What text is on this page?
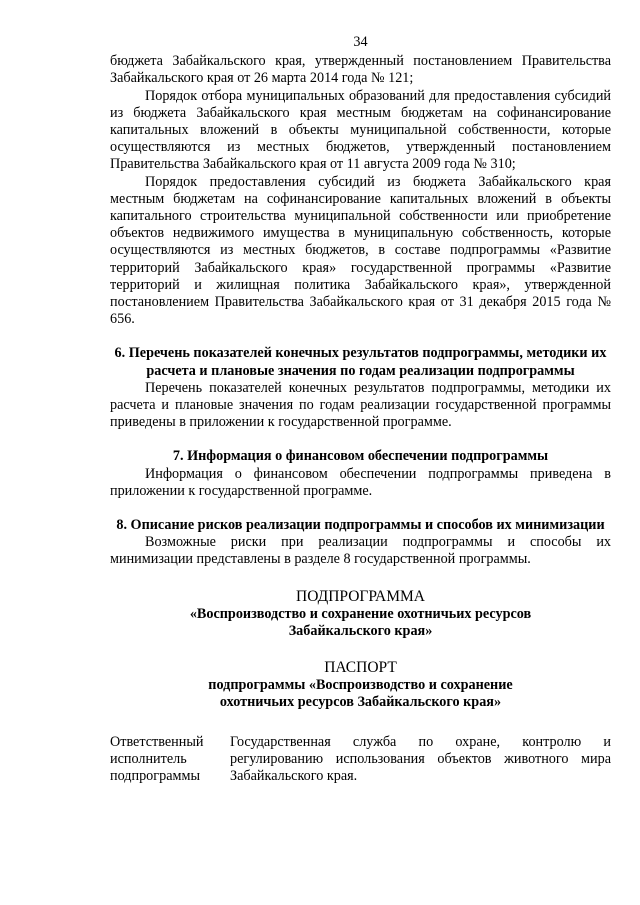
34

бюджета Забайкальского края, утвержденный постановлением Правительства Забайкальского края от 26 марта 2014 года № 121;

Порядок отбора муниципальных образований для предоставления субсидий из бюджета Забайкальского края местным бюджетам на софинансирование капитальных вложений в объекты муниципальной собственности, которые осуществляются из местных бюджетов, утвержденный постановлением Правительства Забайкальского края от 11 августа 2009 года № 310;

Порядок предоставления субсидий из бюджета Забайкальского края местным бюджетам на софинансирование капитальных вложений в объекты капитального строительства муниципальной собственности или приобретение объектов недвижимого имущества в муниципальную собственность, которые осуществляются из местных бюджетов, в составе подпрограммы «Развитие территорий Забайкальского края» государственной программы «Развитие территорий и жилищная политика Забайкальского края», утвержденной постановлением Правительства Забайкальского края от 31 декабря 2015 года № 656.

6. Перечень показателей конечных результатов подпрограммы, методики их расчета и плановые значения по годам реализации подпрограммы

Перечень показателей конечных результатов подпрограммы, методики их расчета и плановые значения по годам реализации государственной программы приведены в приложении к государственной программе.

7. Информация о финансовом обеспечении подпрограммы

Информация о финансовом обеспечении подпрограммы приведена в приложении к государственной программе.

8. Описание рисков реализации подпрограммы и способов их минимизации

Возможные риски при реализации подпрограммы и способы их минимизации представлены в разделе 8 государственной программы.

ПОДПРОГРАММА

«Воспроизводство и сохранение охотничьих ресурсов Забайкальского края»

ПАСПОРТ

подпрограммы «Воспроизводство и сохранение охотничьих ресурсов Забайкальского края»

Ответственный исполнитель подпрограммы	Государственная служба по охране, контролю и регулированию использования объектов животного мира Забайкальского края.
